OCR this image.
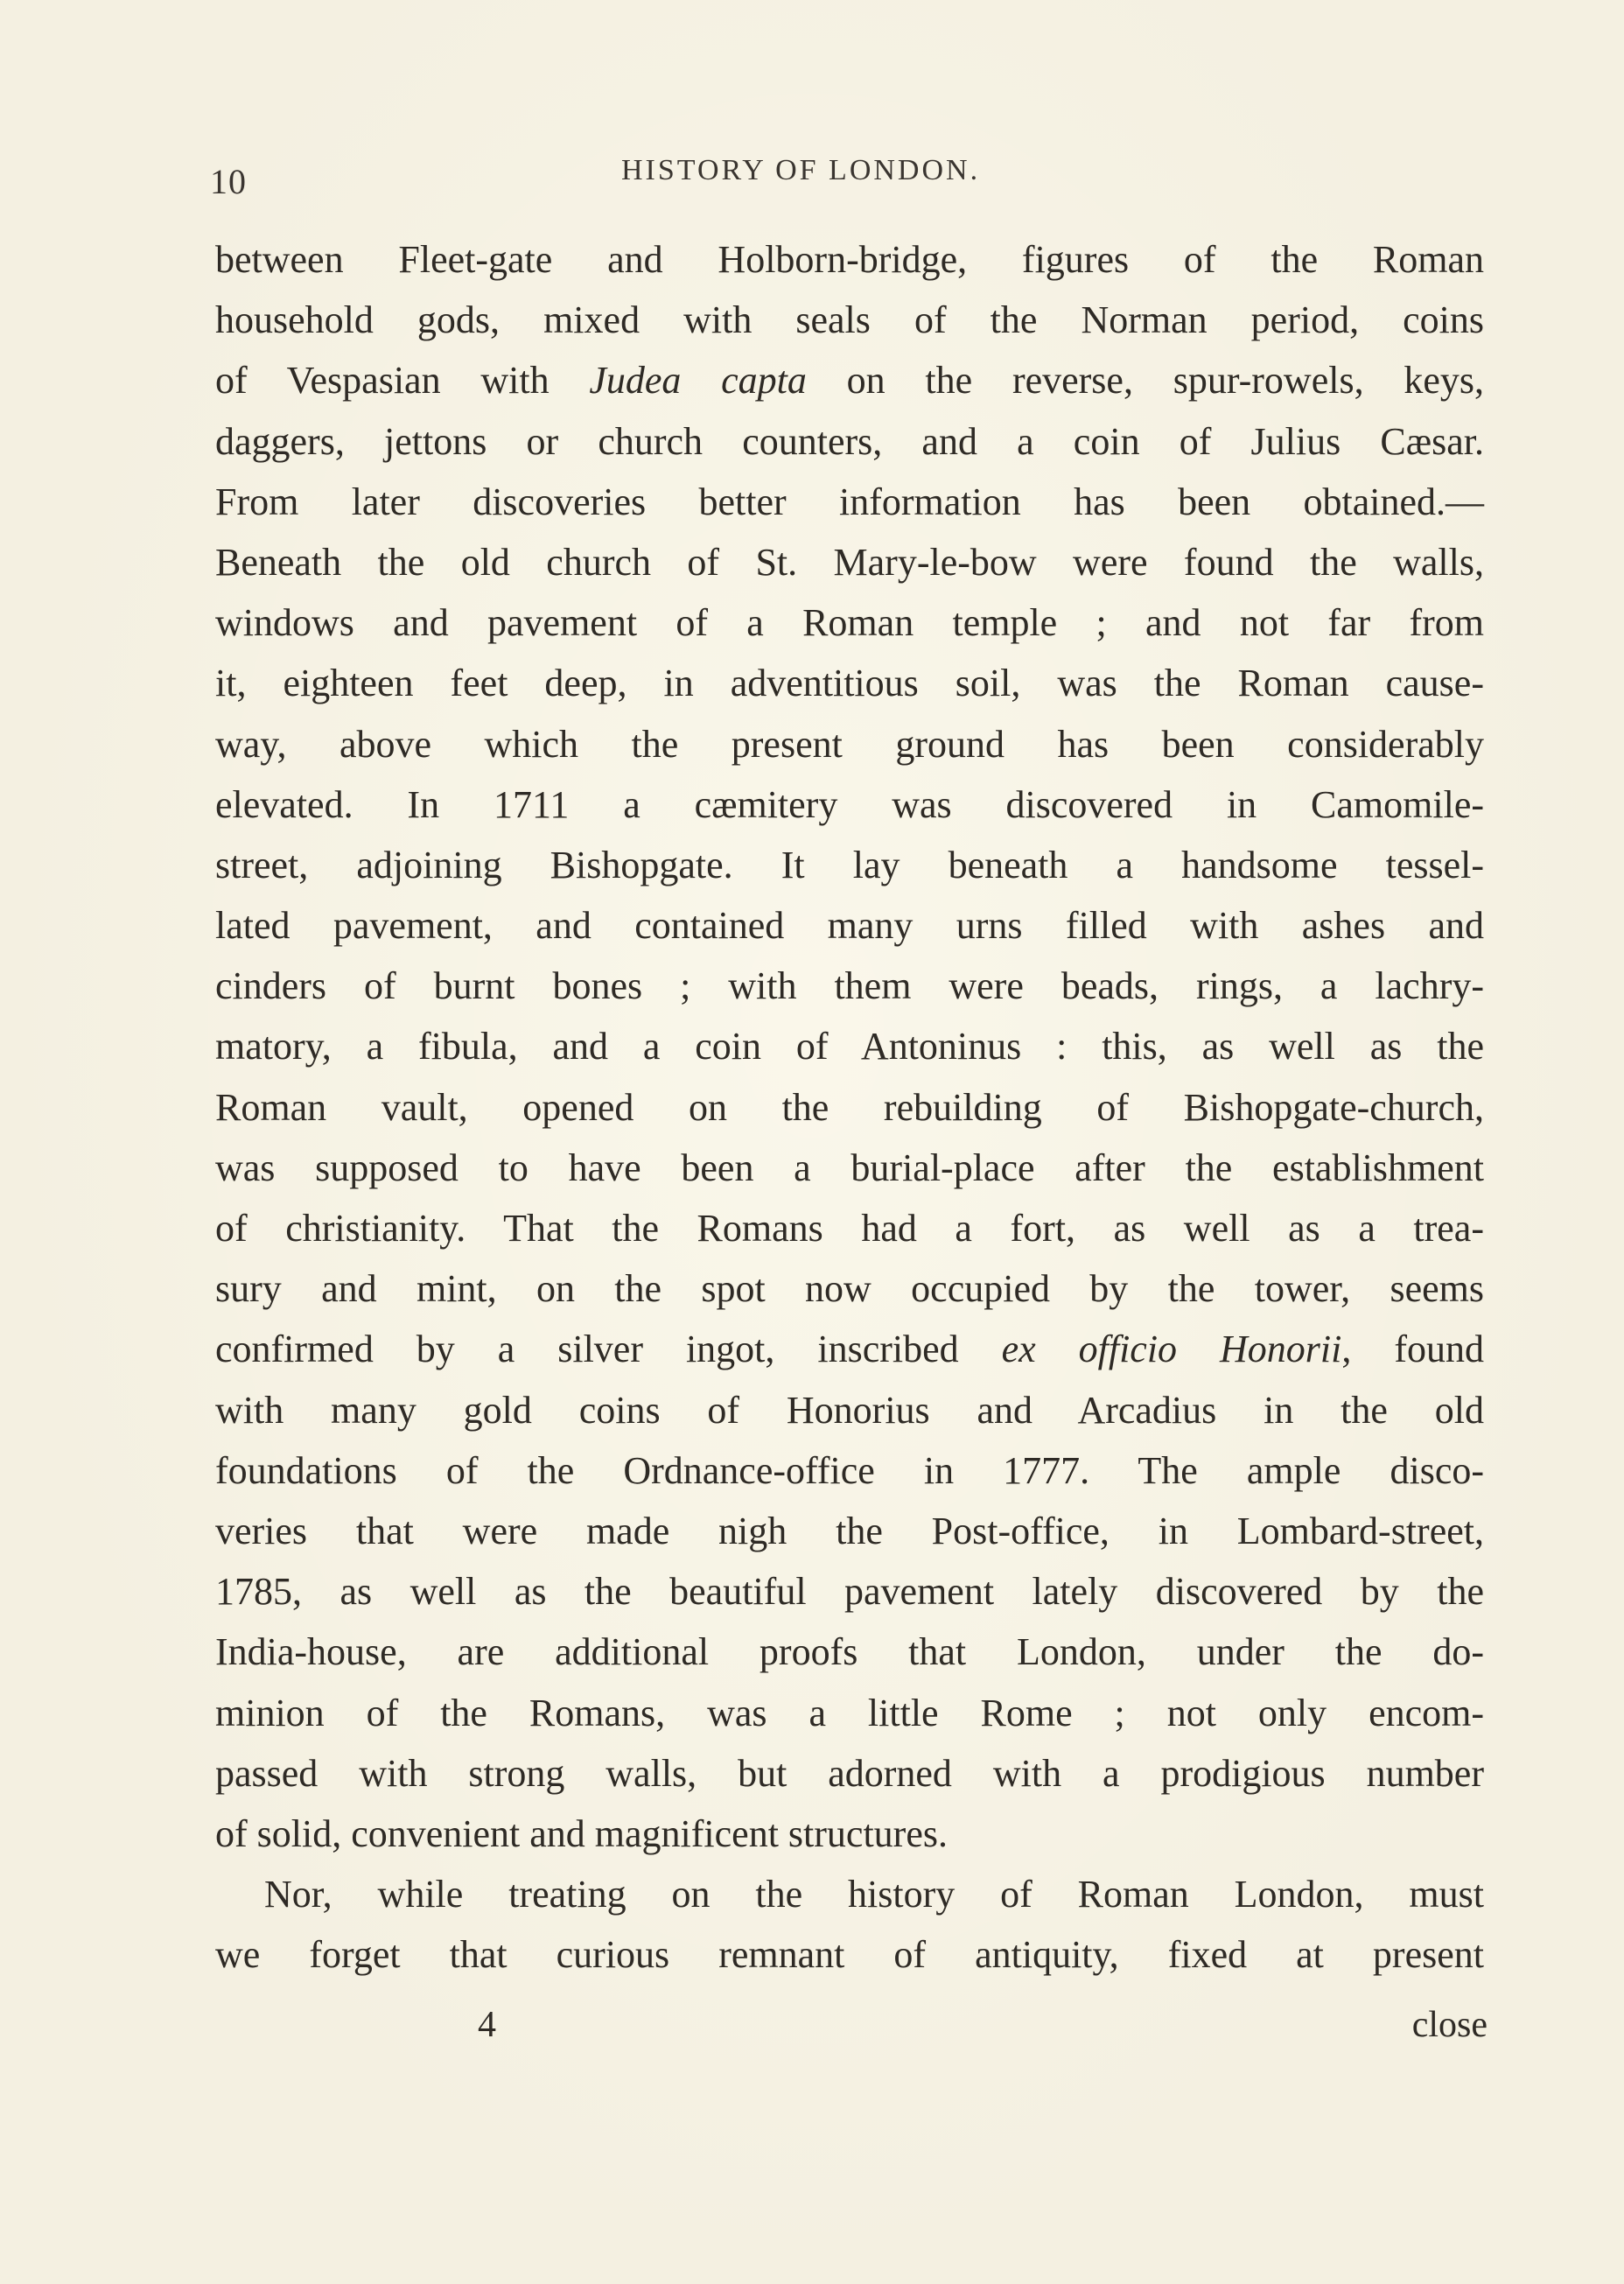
10	HISTORY OF LONDON.
between Fleet-gate and Holborn-bridge, figures of the Roman
household gods, mixed with seals of the Norman period, coins
of Vespasian with Judea capta on the reverse, spur-rowels, keys,
daggers, jettons or church counters, and a coin of Julius Cæsar.
From later discoveries better information has been obtained.—
Beneath the old church of St. Mary-le-bow were found the walls,
windows and pavement of a Roman temple ; and not far from
it, eighteen feet deep, in adventitious soil, was the Roman cause-
way, above which the present ground has been considerably
elevated. In 1711 a cæmitery was discovered in Camomile-
street, adjoining Bishopgate. It lay beneath a handsome tessel-
lated pavement, and contained many urns filled with ashes and
cinders of burnt bones ; with them were beads, rings, a lachry-
matory, a fibula, and a coin of Antoninus : this, as well as the
Roman vault, opened on the rebuilding of Bishopgate-church,
was supposed to have been a burial-place after the establishment
of christianity. That the Romans had a fort, as well as a trea-
sury and mint, on the spot now occupied by the tower, seems
confirmed by a silver ingot, inscribed ex officio Honorii, found
with many gold coins of Honorius and Arcadius in the old
foundations of the Ordnance-office in 1777. The ample disco-
veries that were made nigh the Post-office, in Lombard-street,
1785, as well as the beautiful pavement lately discovered by the
India-house, are additional proofs that London, under the do-
minion of the Romans, was a little Rome ; not only encom-
passed with strong walls, but adorned with a prodigious number
of solid, convenient and magnificent structures.
Nor, while treating on the history of Roman London, must
we forget that curious remnant of antiquity, fixed at present
4	close
